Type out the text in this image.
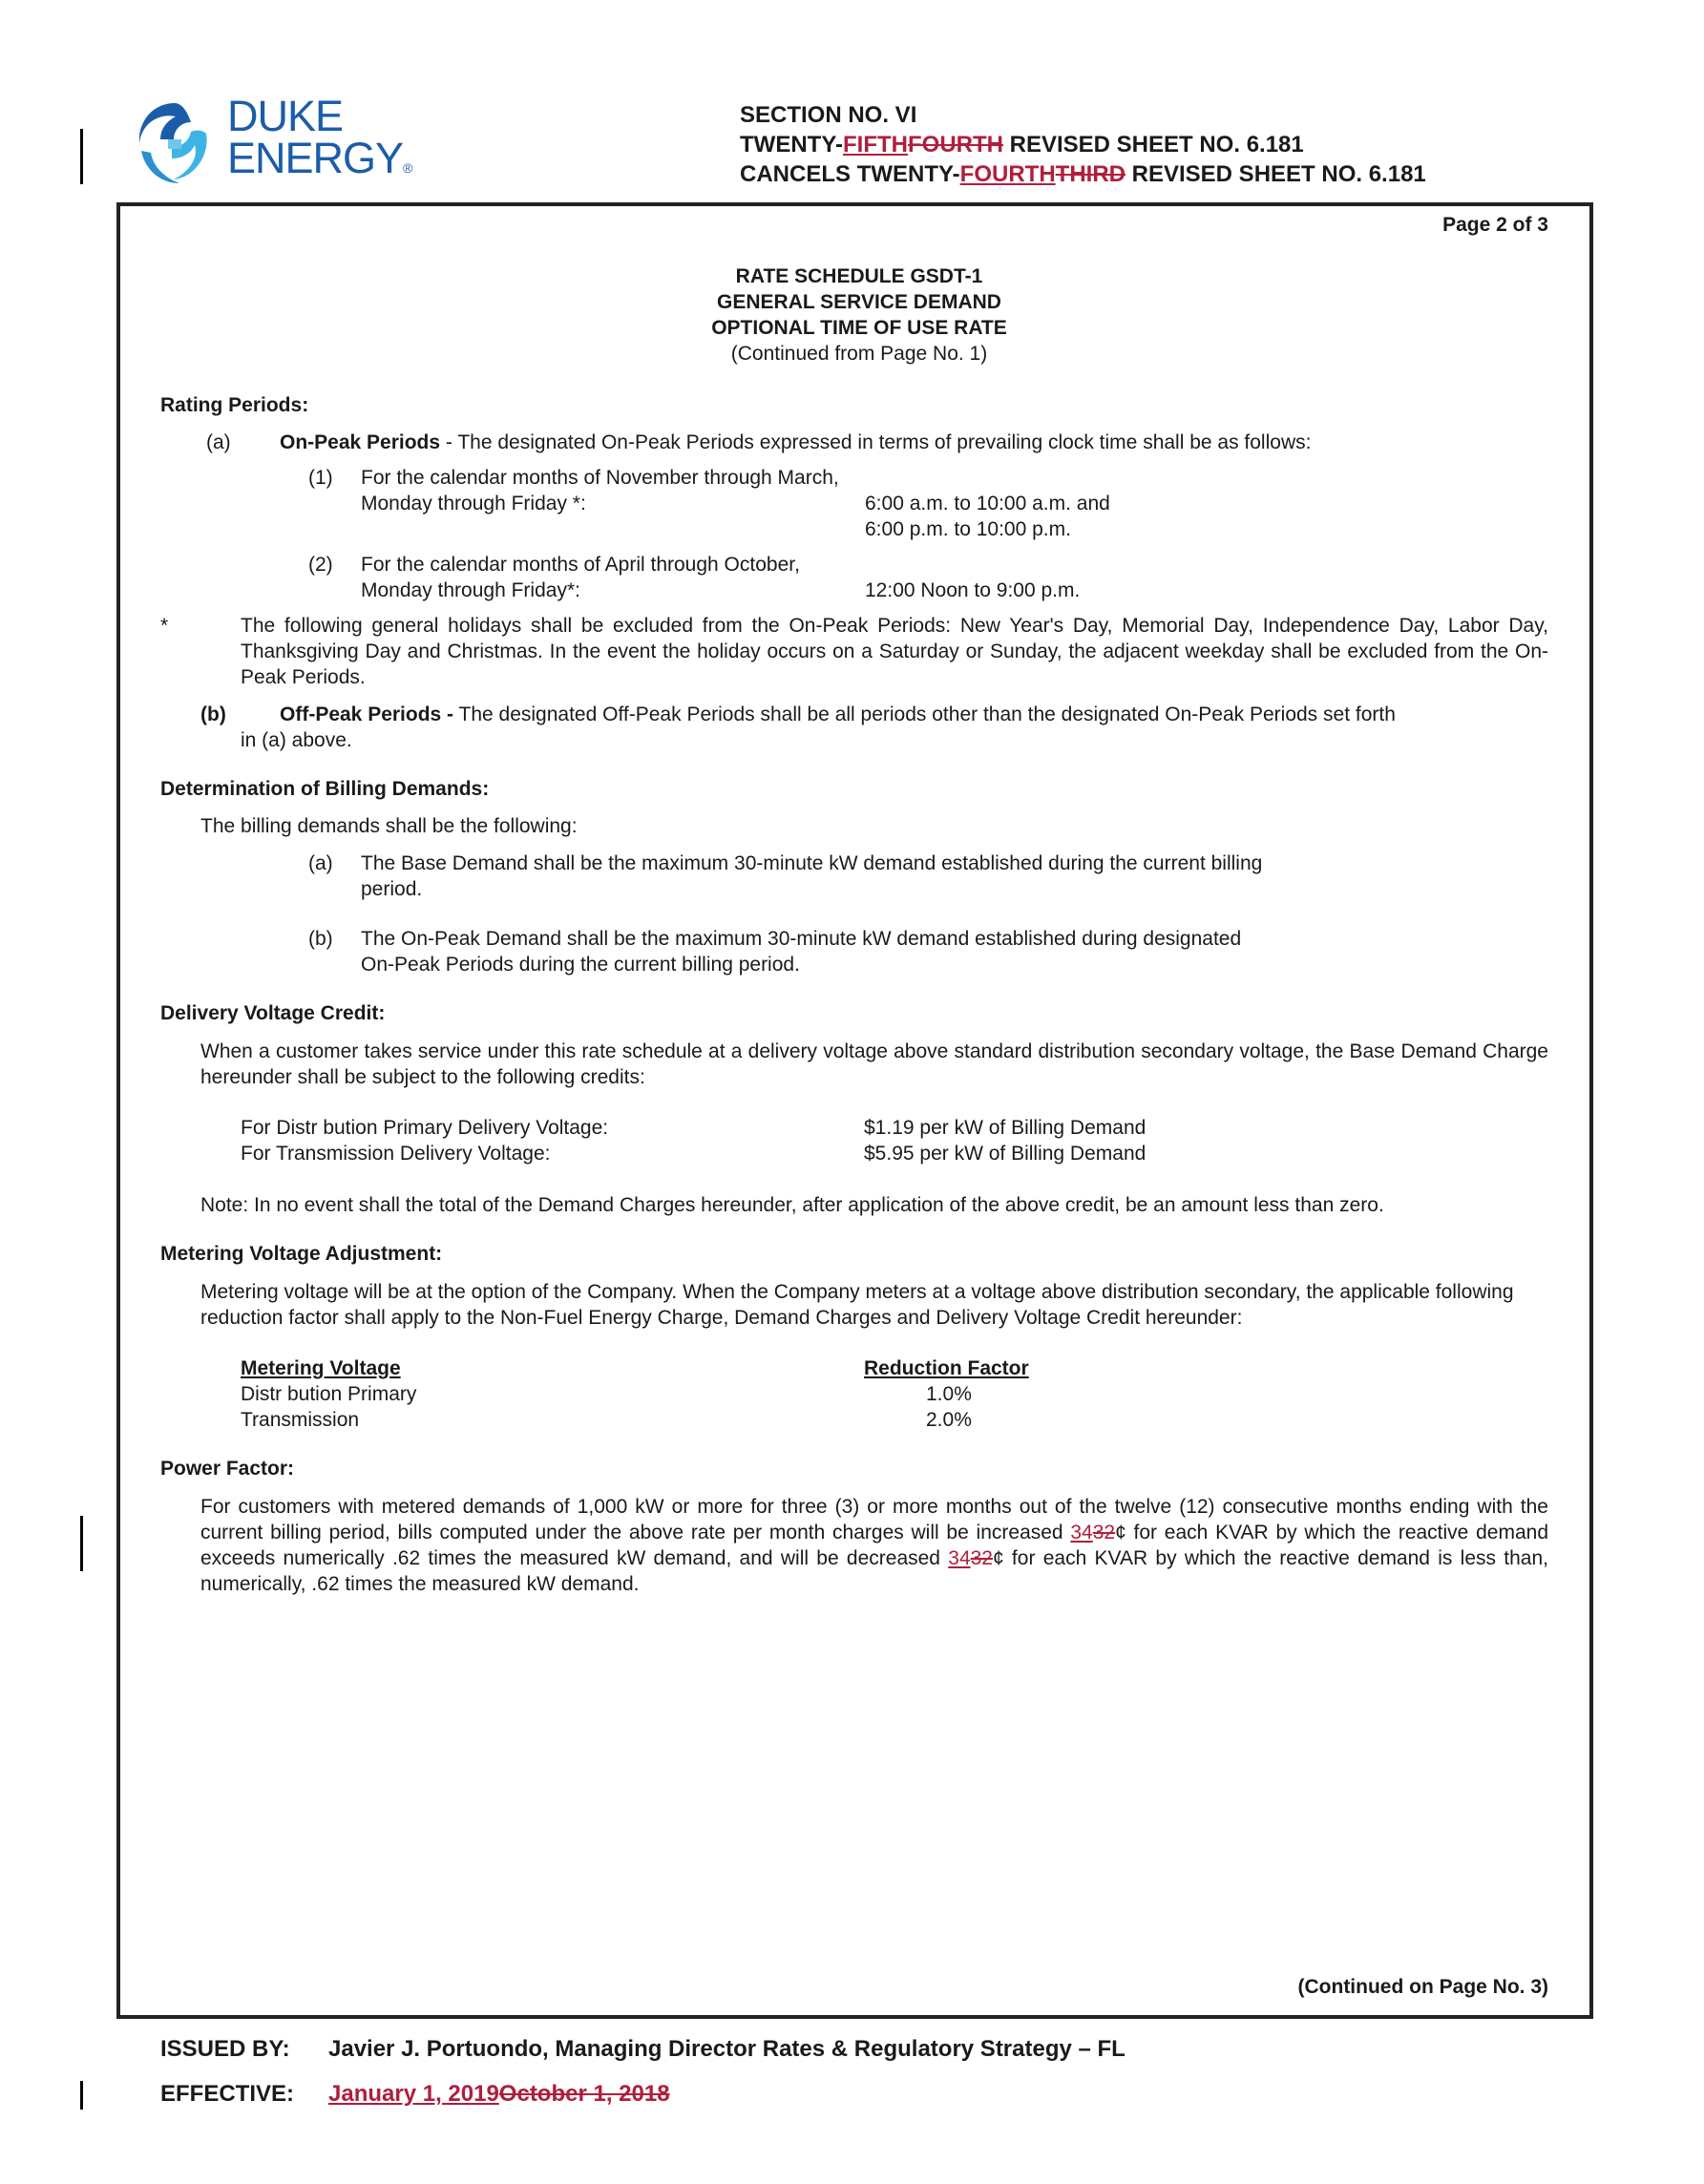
DUKE
ENERGY®
SECTION NO. VI
TWENTY-FIFTHFOURTH REVISED SHEET NO. 6.181
CANCELS TWENTY-FOURTHTHIRD REVISED SHEET NO. 6.181
Page 2 of 3
RATE SCHEDULE GSDT-1
GENERAL SERVICE DEMAND
OPTIONAL TIME OF USE RATE
(Continued from Page No. 1)
Rating Periods:
(a) On-Peak Periods - The designated On-Peak Periods expressed in terms of prevailing clock time shall be as follows:
(1) For the calendar months of November through March,
Monday through Friday *:	6:00 a.m. to 10:00 a.m. and
6:00 p.m. to 10:00 p.m.
(2) For the calendar months of April through October,
Monday through Friday*:	12:00 Noon to 9:00 p.m.
*	The following general holidays shall be excluded from the On-Peak Periods: New Year's Day, Memorial Day, Independence Day, Labor Day, Thanksgiving Day and Christmas. In the event the holiday occurs on a Saturday or Sunday, the adjacent weekday shall be excluded from the On-Peak Periods.
(b)	Off-Peak Periods - The designated Off-Peak Periods shall be all periods other than the designated On-Peak Periods set forth
in (a) above.
Determination of Billing Demands:
The billing demands shall be the following:
(a) The Base Demand shall be the maximum 30-minute kW demand established during the current billing
period.
(b) The On-Peak Demand shall be the maximum 30-minute kW demand established during designated
On-Peak Periods during the current billing period.
Delivery Voltage Credit:
When a customer takes service under this rate schedule at a delivery voltage above standard distribution secondary voltage, the Base Demand Charge hereunder shall be subject to the following credits:
For Distr bution Primary Delivery Voltage:	$1.19 per kW of Billing Demand
For Transmission Delivery Voltage:	$5.95 per kW of Billing Demand
Note: In no event shall the total of the Demand Charges hereunder, after application of the above credit, be an amount less than zero.
Metering Voltage Adjustment:
Metering voltage will be at the option of the Company. When the Company meters at a voltage above distribution secondary, the applicable following reduction factor shall apply to the Non-Fuel Energy Charge, Demand Charges and Delivery Voltage Credit hereunder:
Metering Voltage	Reduction Factor
Distr bution Primary	1.0%
Transmission	2.0%
Power Factor:
For customers with metered demands of 1,000 kW or more for three (3) or more months out of the twelve (12) consecutive months ending with the current billing period, bills computed under the above rate per month charges will be increased 3432¢ for each KVAR by which the reactive demand exceeds numerically .62 times the measured kW demand, and will be decreased 3432¢ for each KVAR by which the reactive demand is less than, numerically, .62 times the measured kW demand.
(Continued on Page No. 3)
ISSUED BY: Javier J. Portuondo, Managing Director Rates & Regulatory Strategy – FL
EFFECTIVE: January 1, 2019October 1, 2018
